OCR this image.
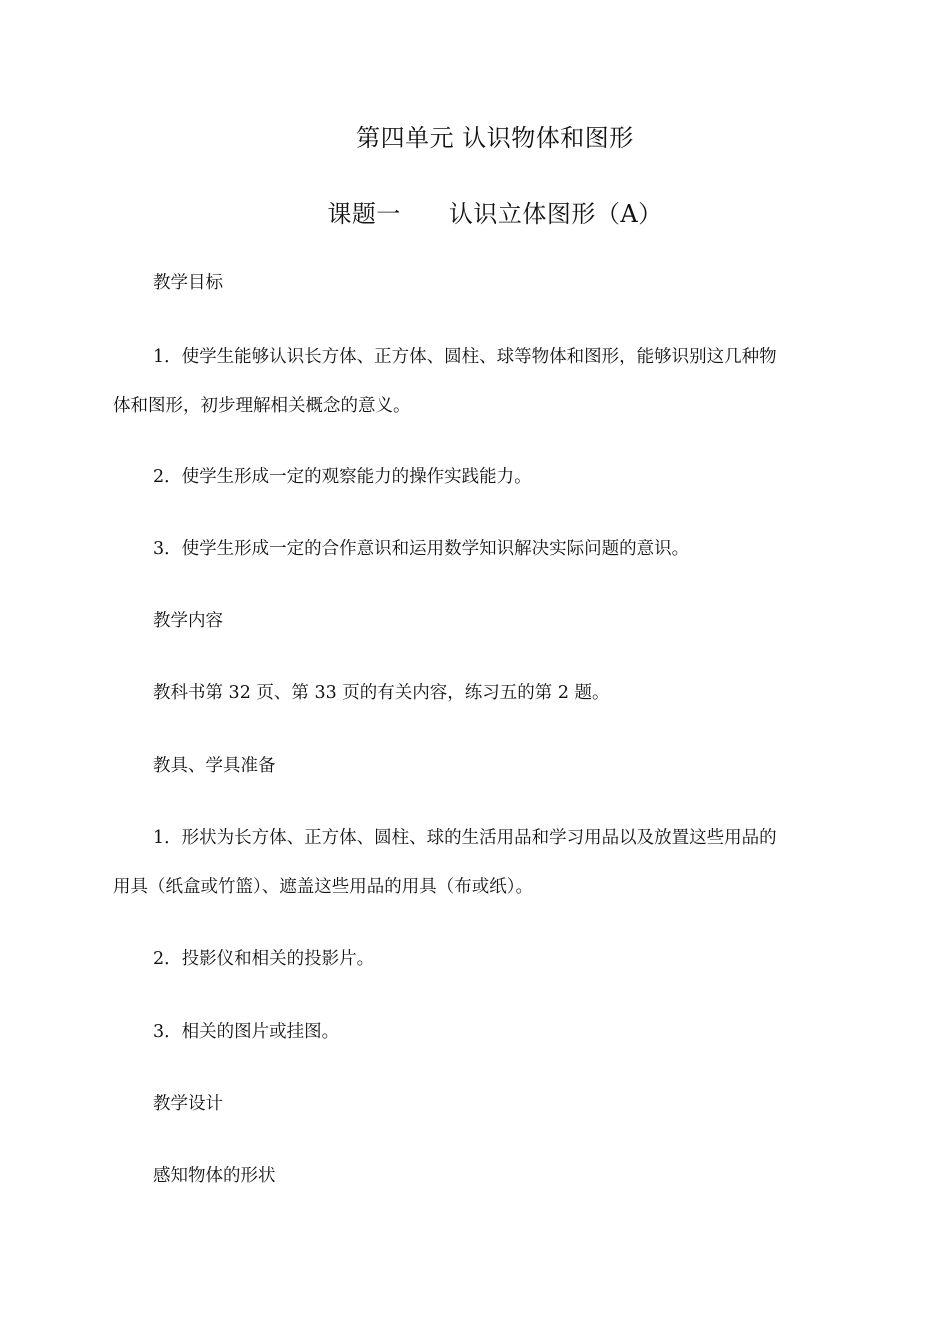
第四单元 认识物体和图形
课题一 认识立体图形（A）
教学目标
1．使学生能够认识长方体、正方体、圆柱、球等物体和图形，能够识别这几种物
体和图形，初步理解相关概念的意义。
2．使学生形成一定的观察能力的操作实践能力。
3．使学生形成一定的合作意识和运用数学知识解决实际问题的意识。
教学内容
教科书第 32 页、第 33 页的有关内容，练习五的第 2 题。
教具、学具准备
1．形状为长方体、正方体、圆柱、球的生活用品和学习用品以及放置这些用品的
用具（纸盒或竹篮）、遮盖这些用品的用具（布或纸）。
2．投影仪和相关的投影片。
3．相关的图片或挂图。
教学设计
感知物体的形状
